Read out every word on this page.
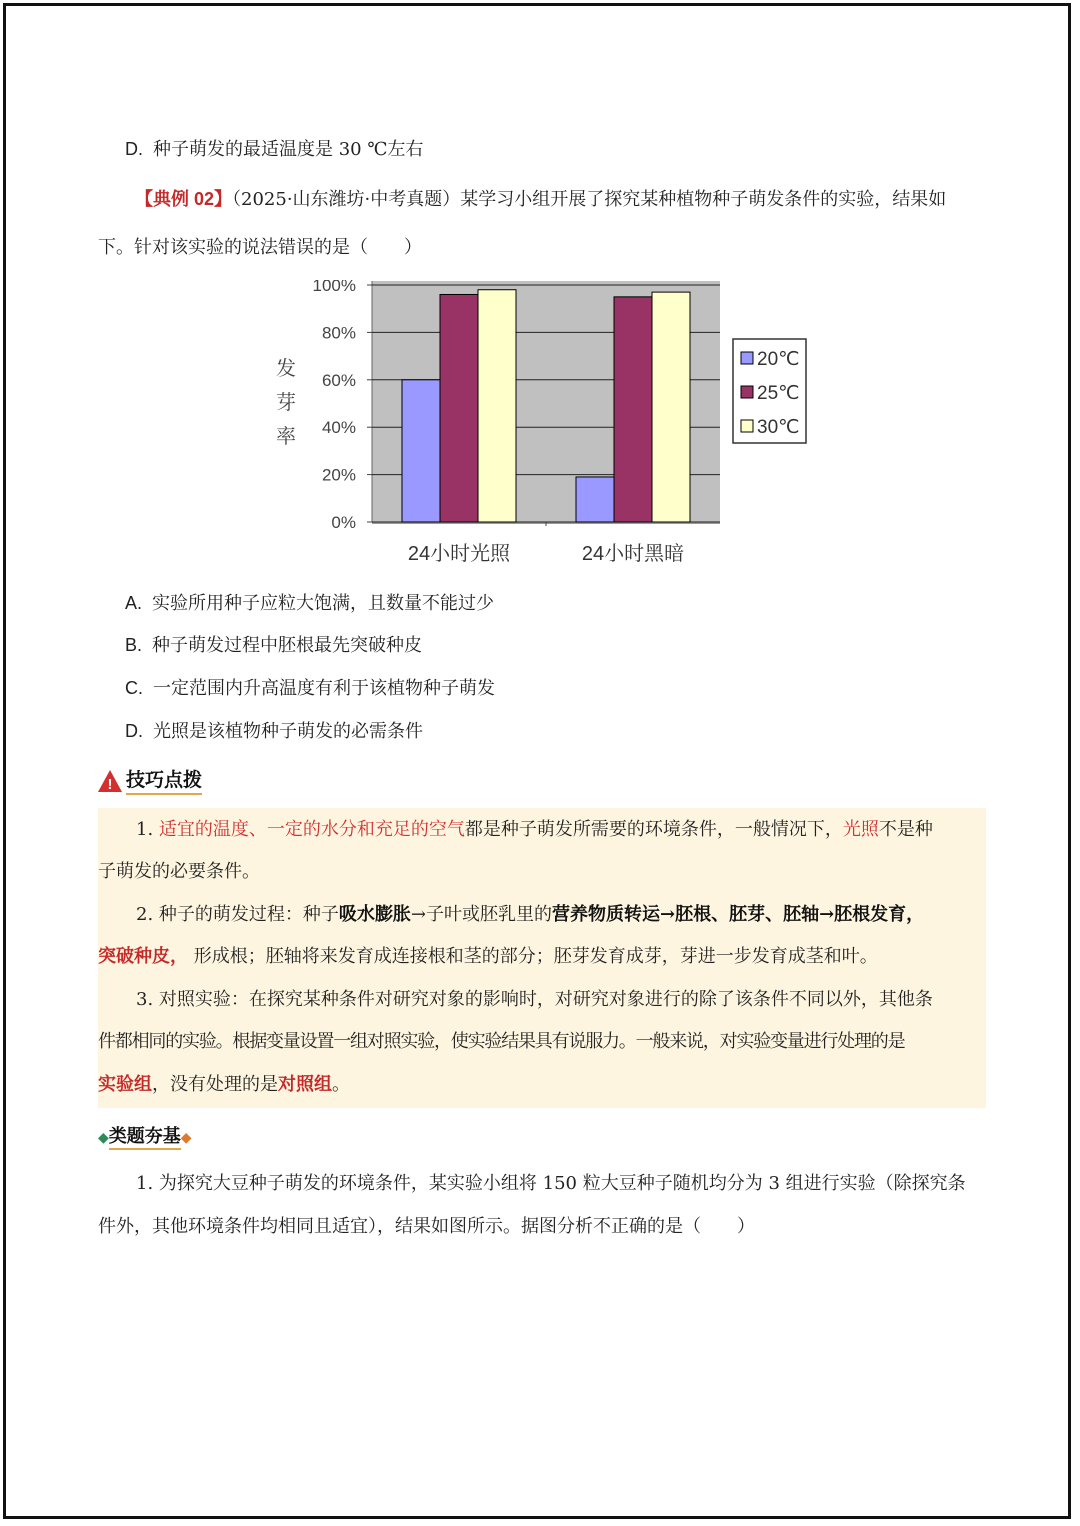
D. 种子萌发的最适温度是 30 ℃左右
【典例 02】（2025·山东潍坊·中考真题）某学习小组开展了探究某种植物种子萌发条件的实验，结果如
下。针对该实验的说法错误的是（　　）
100%
80%
60%
40%
20%
0%
发
芽
率
24小时光照	24小时黑暗
20℃
25℃
30℃
A. 实验所用种子应粒大饱满，且数量不能过少
B. 种子萌发过程中胚根最先突破种皮
C. 一定范围内升高温度有利于该植物种子萌发
D. 光照是该植物种子萌发的必需条件
! 技巧点拨
1. 适宜的温度、一定的水分和充足的空气都是种子萌发所需要的环境条件，一般情况下，光照不是种
子萌发的必要条件。
2. 种子的萌发过程：种子吸水膨胀→子叶或胚乳里的营养物质转运→胚根、胚芽、胚轴→胚根发育，
突破种皮， 形成根；胚轴将来发育成连接根和茎的部分；胚芽发育成芽，芽进一步发育成茎和叶。
3. 对照实验：在探究某种条件对研究对象的影响时，对研究对象进行的除了该条件不同以外，其他条
件都相同的实验。根据变量设置一组对照实验，使实验结果具有说服力。一般来说，对实验变量进行处理的是
实验组，没有处理的是对照组。
◆类题夯基◆
1. 为探究大豆种子萌发的环境条件，某实验小组将 150 粒大豆种子随机均分为 3 组进行实验（除探究条
件外，其他环境条件均相同且适宜），结果如图所示。据图分析不正确的是（　　）
